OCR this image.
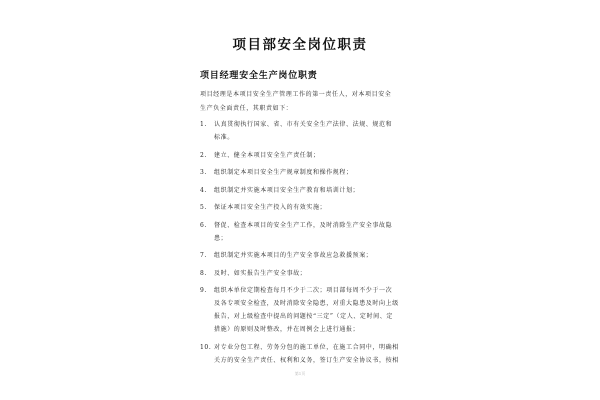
项目部安全岗位职责
项目经理安全生产岗位职责

项目经理是本项目安全生产管理工作的第一责任人，对本项目安全
生产负全面责任，其职责如下：

1. 认真贯彻执行国家、省、市有关安全生产法律、法规、规范和
标准。
2. 建立、健全本项目安全生产责任制；
3. 组织制定本项目安全生产规章制度和操作规程；
4. 组织制定并实施本项目安全生产教育和培训计划；
5. 保证本项目安全生产投入的有效实施；
6. 督促、检查本项目的安全生产工作，及时消除生产安全事故隐
患；
7. 组织制定并实施本项目的生产安全事故应急救援预案；
8. 及时、如实报告生产安全事故；
9. 组织本单位定期检查每月不少于二次；项目部每周不少于一次
及各专项安全检查，及时消除安全隐患，对重大隐患及时向上级
报告，对上级检查中提出的问题按“三定”（定人、定时间、定
措施）的原则及时整改，并在周例会上进行通报；
10. 对专业分包工程、劳务分包的施工单位，在施工合同中，明确相
关方的安全生产责任、权利和义务，签订生产安全协议书，按相
第1页
